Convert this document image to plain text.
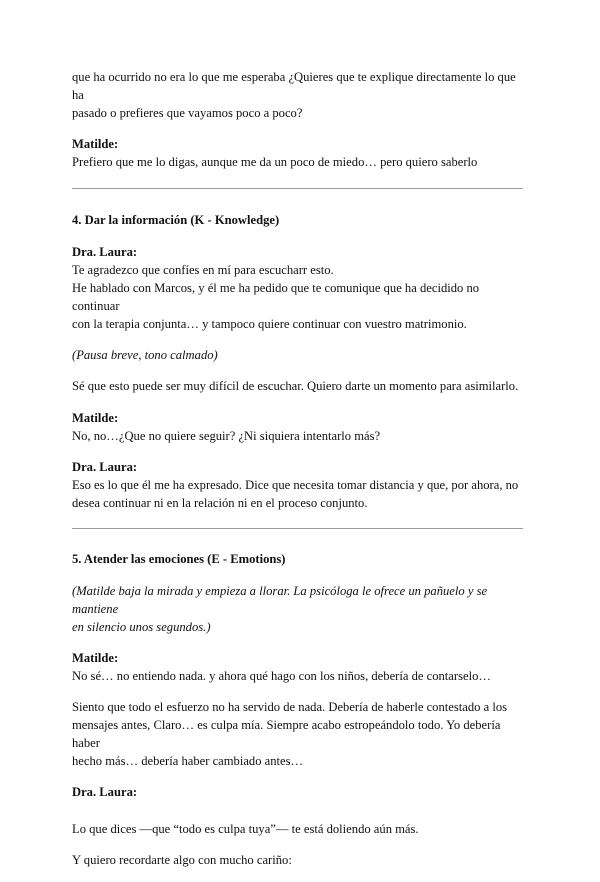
que ha ocurrido no era lo que me esperaba ¿Quieres que te explique directamente lo que ha

pasado o prefieres que vayamos poco a poco?

Matilde:

Prefiero que me lo digas, aunque me da un poco de miedo… pero quiero saberlo

4. Dar la información (K - Knowledge)

Dra. Laura:

Te agradezco que confíes en mí para escucharr esto.

He hablado con Marcos, y él me ha pedido que te comunique que ha decidido no continuar

con la terapia conjunta… y tampoco quiere continuar con vuestro matrimonio.

(Pausa breve, tono calmado)

Sé que esto puede ser muy difícil de escuchar. Quiero darte un momento para asimilarlo.

Matilde:

No, no…¿Que no quiere seguir? ¿Ni siquiera intentarlo más?

Dra. Laura:

Eso es lo que él me ha expresado. Dice que necesita tomar distancia y que, por ahora, no

desea continuar ni en la relación ni en el proceso conjunto.

5. Atender las emociones (E - Emotions)

(Matilde baja la mirada y empieza a llorar. La psicóloga le ofrece un pañuelo y se mantiene

en silencio unos segundos.)

Matilde:

No sé… no entiendo nada. y ahora qué hago con los niños, debería de contarselo…

Siento que todo el esfuerzo no ha servido de nada. Debería de haberle contestado a los

mensajes antes, Claro… es culpa mía. Siempre acabo estropeándolo todo. Yo debería haber

hecho más… debería haber cambiado antes…

Dra. Laura:

Lo que dices —que “todo es culpa tuya”— te está doliendo aún más.

Y quiero recordarte algo con mucho cariño:
